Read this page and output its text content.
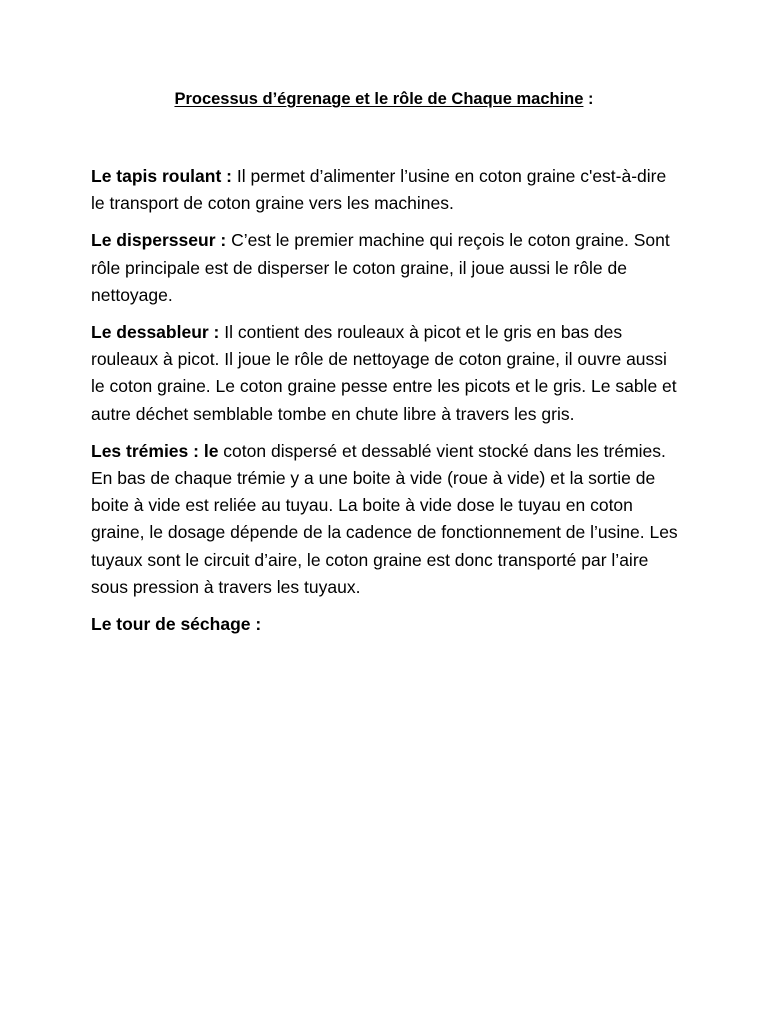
Processus d’égrenage et le rôle de Chaque machine :

Le tapis roulant : Il permet d’alimenter l’usine en coton graine c'est-à-dire le transport de coton graine vers les machines.

Le dispersseur : C’est le premier machine qui reçois le coton graine. Sont rôle principale est de disperser le coton graine, il joue aussi le rôle de nettoyage.

Le dessableur : Il contient des rouleaux à picot et le gris en bas des rouleaux à picot. Il joue le rôle de nettoyage de coton graine, il ouvre aussi le coton graine. Le coton graine pesse entre les picots et le gris. Le sable et autre déchet semblable tombe en chute libre à travers les gris.

Les trémies : le coton dispersé et dessablé vient stocké dans les trémies. En bas de chaque trémie y a une boite à vide (roue à vide) et la sortie de boite à vide est reliée au tuyau. La boite à vide dose le tuyau en coton graine, le dosage dépende de la cadence de fonctionnement de l’usine. Les tuyaux sont le circuit d’aire, le coton graine est donc transporté par l’aire sous pression à travers les tuyaux.

Le tour de séchage :
